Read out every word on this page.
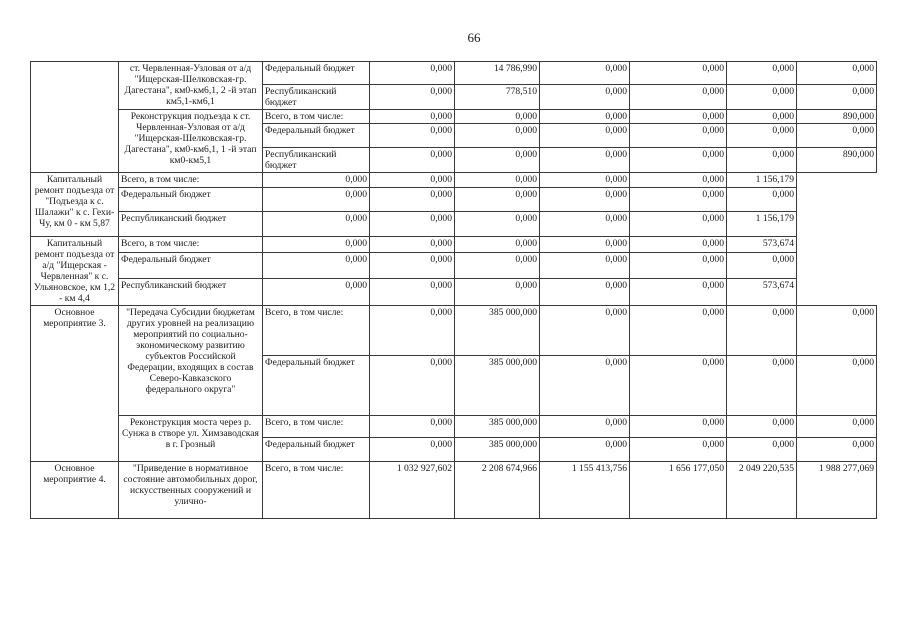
66
	ст. Червленная-Узловая от а/д "Ищерская-Шелковская-гр. Дагестана", км0-км6,1, 2 -й этап км5,1-км6,1	Федеральный бюджет	0,000	14 786,990	0,000	0,000	0,000	0,000
		Республиканский бюджет	0,000	778,510	0,000	0,000	0,000	0,000
	Реконструкция подъезда к ст. Червленная-Узловая от а/д "Ищерская-Шелковская-гр. Дагестана", км0-км6,1, 1 -й этап км0-км5,1	Всего, в том числе:	0,000	0,000	0,000	0,000	0,000	890,000
		Федеральный бюджет	0,000	0,000	0,000	0,000	0,000	0,000
		Республиканский бюджет	0,000	0,000	0,000	0,000	0,000	890,000
Капитальный ремонт подъезда от "Подъезда к с. Шалажи" к с. Гехи-Чу, км 0 - км 5,87	Всего, в том числе:	0,000	0,000	0,000	0,000	0,000	1 156,179	
	Федеральный бюджет	0,000	0,000	0,000	0,000	0,000	0,000	
	Республиканский бюджет	0,000	0,000	0,000	0,000	0,000	1 156,179	
Капитальный ремонт подъезда от а/д "Ищерская - Червленная" к с. Ульяновское, км 1,2 - км 4,4	Всего, в том числе:	0,000	0,000	0,000	0,000	0,000	573,674	
	Федеральный бюджет	0,000	0,000	0,000	0,000	0,000	0,000	
	Республиканский бюджет	0,000	0,000	0,000	0,000	0,000	573,674	
Основное мероприятие 3.	"Передача Субсидии бюджетам других уровней на реализацию мероприятий по социально-экономическому развитию субъектов Российской Федерации, входящих в состав Северо-Кавказского федерального округа"	Всего, в том числе:	0,000	385 000,000	0,000	0,000	0,000	0,000
		Федеральный бюджет	0,000	385 000,000	0,000	0,000	0,000	0,000
	Реконструкция моста через р. Сунжа в створе ул. Химзаводская в г. Грозный	Всего, в том числе:	0,000	385 000,000	0,000	0,000	0,000	0,000
		Федеральный бюджет	0,000	385 000,000	0,000	0,000	0,000	0,000
Основное мероприятие 4.	"Приведение в нормативное состояние автомобильных дорог, искусственных сооружений и улично-	Всего, в том числе:	1 032 927,602	2 208 674,966	1 155 413,756	1 656 177,050	2 049 220,535	1 988 277,069
